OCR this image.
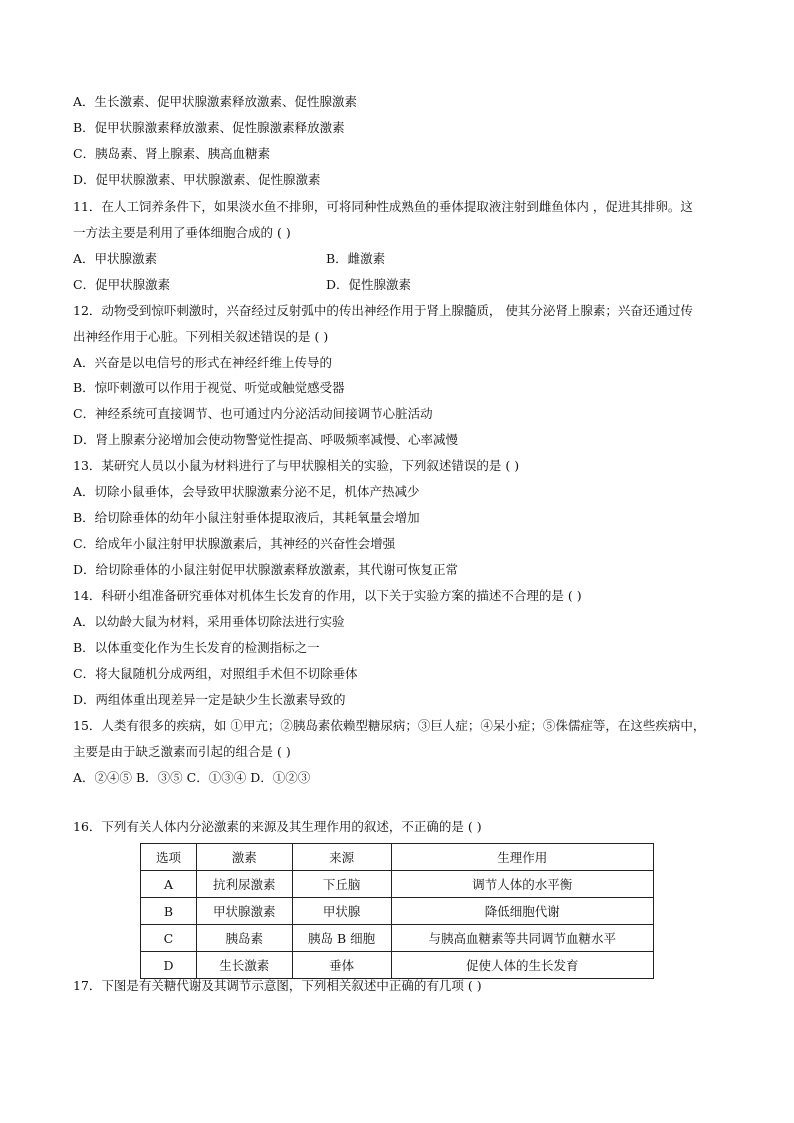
A．生长激素、促甲状腺激素释放激素、促性腺激素
B．促甲状腺激素释放激素、促性腺激素释放激素
C．胰岛素、肾上腺素、胰高血糖素
D．促甲状腺激素、甲状腺激素、促性腺激素
11．在人工饲养条件下，如果淡水鱼不排卵，可将同种性成熟鱼的垂体提取液注射到雌鱼体内 ，促进其排卵。这
一方法主要是利用了垂体细胞合成的 ( )
A．甲状腺激素	B．雌激素
C．促甲状腺激素	D．促性腺激素
12．动物受到惊吓刺激时，兴奋经过反射弧中的传出神经作用于肾上腺髓质， 使其分泌肾上腺素；兴奋还通过传
出神经作用于心脏。下列相关叙述错误的是 ( )
A．兴奋是以电信号的形式在神经纤维上传导的
B．惊吓刺激可以作用于视觉、听觉或触觉感受器
C．神经系统可直接调节、也可通过内分泌活动间接调节心脏活动
D．肾上腺素分泌增加会使动物警觉性提高、呼吸频率减慢、心率减慢
13．某研究人员以小鼠为材料进行了与甲状腺相关的实验，下列叙述错误的是 ( )
A．切除小鼠垂体，会导致甲状腺激素分泌不足，机体产热减少
B．给切除垂体的幼年小鼠注射垂体提取液后，其耗氧量会增加
C．给成年小鼠注射甲状腺激素后，其神经的兴奋性会增强
D．给切除垂体的小鼠注射促甲状腺激素释放激素，其代谢可恢复正常
14．科研小组准备研究垂体对机体生长发育的作用，以下关于实验方案的描述不合理的是 ( )
A．以幼龄大鼠为材料，采用垂体切除法进行实验
B．以体重变化作为生长发育的检测指标之一
C．将大鼠随机分成两组，对照组手术但不切除垂体
D．两组体重出现差异一定是缺少生长激素导致的
15．人类有很多的疾病，如 ①甲亢；②胰岛素依赖型糖尿病；③巨人症；④呆小症；⑤侏儒症等，在这些疾病中，
主要是由于缺乏激素而引起的组合是 ( )
A．②④⑤ B．③⑤ C．①③④ D．①②③
16．下列有关人体内分泌激素的来源及其生理作用的叙述，不正确的是 ( )
选项	激素	来源	生理作用
A	抗利尿激素	下丘脑	调节人体的水平衡
B	甲状腺激素	甲状腺	降低细胞代谢
C	胰岛素	胰岛 B 细胞	与胰高血糖素等共同调节血糖水平
D	生长激素	垂体	促使人体的生长发育
17．下图是有关糖代谢及其调节示意图，下列相关叙述中正确的有几项 ( )
